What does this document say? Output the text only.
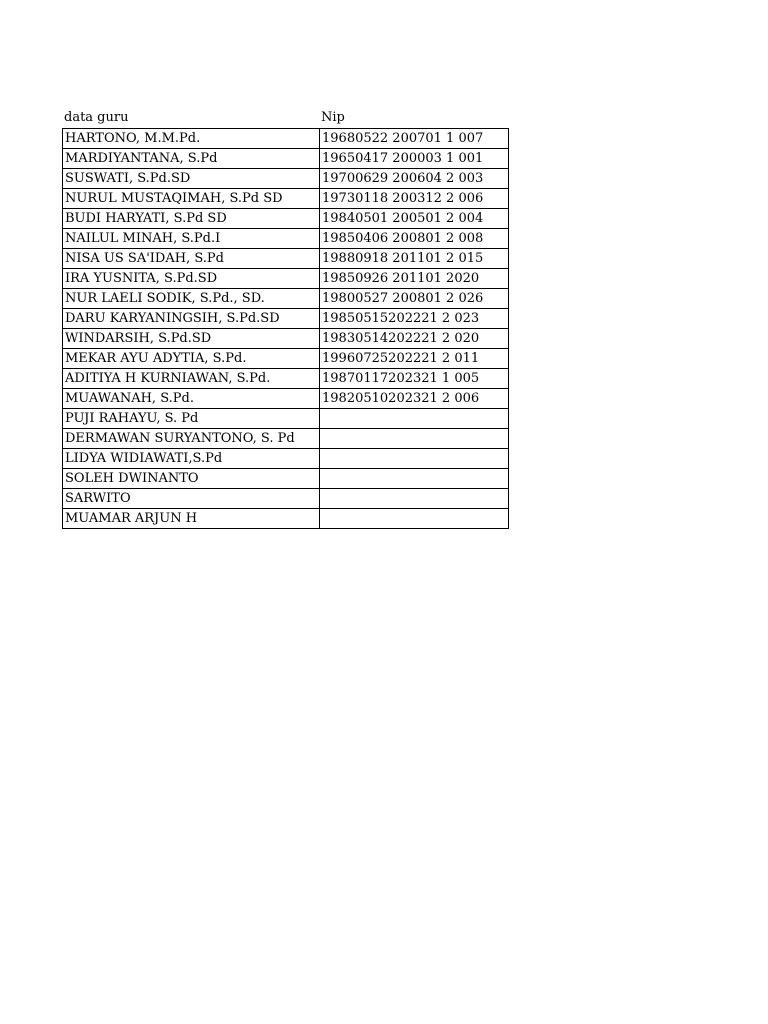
data guru	Nip
HARTONO, M.M.Pd.	19680522 200701 1 007
MARDIYANTANA, S.Pd	19650417 200003 1 001
SUSWATI, S.Pd.SD	19700629 200604 2 003
NURUL MUSTAQIMAH, S.Pd SD	19730118 200312 2 006
BUDI HARYATI, S.Pd SD	19840501 200501 2 004
NAILUL MINAH, S.Pd.I	19850406 200801 2 008
NISA US SA'IDAH, S.Pd	19880918 201101 2 015
IRA YUSNITA, S.Pd.SD	19850926 201101 2020
NUR LAELI SODIK, S.Pd., SD.	19800527 200801 2 026
DARU KARYANINGSIH, S.Pd.SD	19850515202221 2 023
WINDARSIH, S.Pd.SD	19830514202221 2 020
MEKAR AYU ADYTIA, S.Pd.	19960725202221 2 011
ADITIYA H KURNIAWAN, S.Pd.	19870117202321 1 005
MUAWANAH, S.Pd.	19820510202321 2 006
PUJI RAHAYU, S. Pd	
DERMAWAN SURYANTONO, S. Pd	
LIDYA WIDIAWATI,S.Pd	
SOLEH DWINANTO	
SARWITO	
MUAMAR ARJUN H	
